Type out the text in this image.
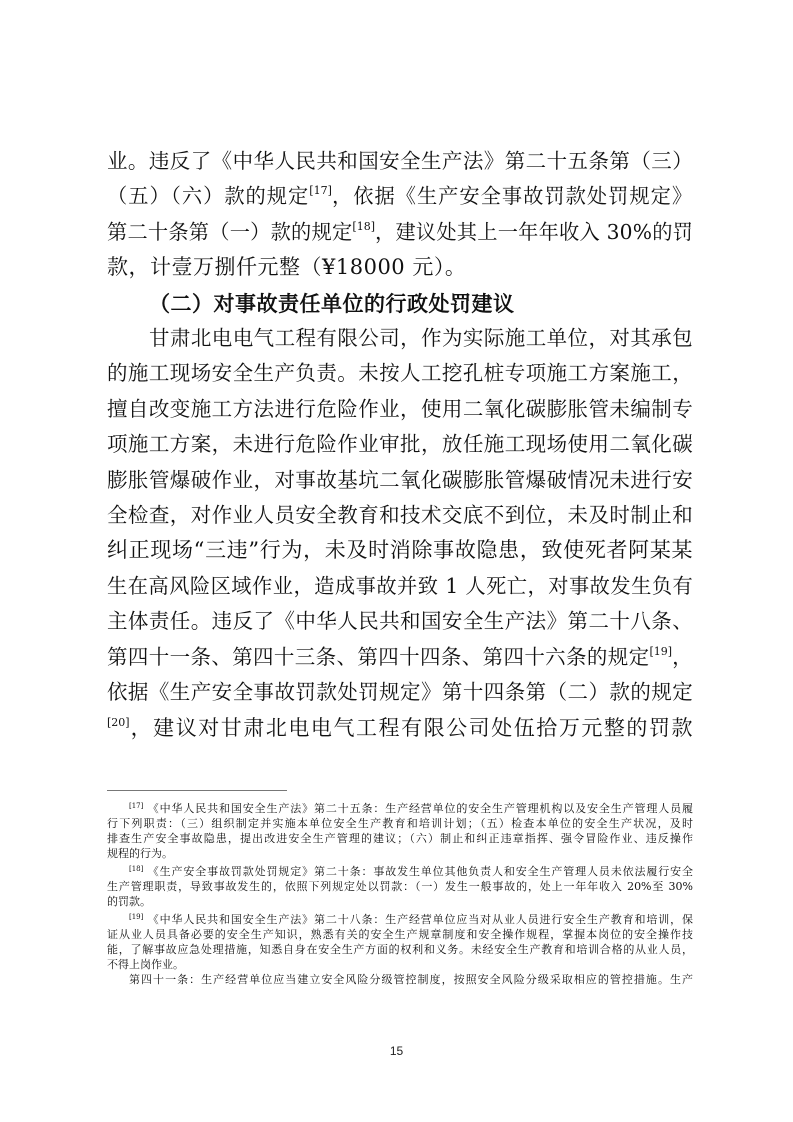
业。违反了《中华人民共和国安全生产法》第二十五条第（三）
（五）（六）款的规定[17]，依据《生产安全事故罚款处罚规定》
第二十条第（一）款的规定[18]，建议处其上一年年收入 30%的罚
款，计壹万捌仟元整（¥18000 元）。
（二）对事故责任单位的行政处罚建议
甘肃北电电气工程有限公司，作为实际施工单位，对其承包
的施工现场安全生产负责。未按人工挖孔桩专项施工方案施工，
擅自改变施工方法进行危险作业，使用二氧化碳膨胀管未编制专
项施工方案，未进行危险作业审批，放任施工现场使用二氧化碳
膨胀管爆破作业，对事故基坑二氧化碳膨胀管爆破情况未进行安
全检查，对作业人员安全教育和技术交底不到位，未及时制止和
纠正现场“三违”行为，未及时消除事故隐患，致使死者阿某某
生在高风险区域作业，造成事故并致 1 人死亡，对事故发生负有
主体责任。违反了《中华人民共和国安全生产法》第二十八条、
第四十一条、第四十三条、第四十四条、第四十六条的规定[19]，
依据《生产安全事故罚款处罚规定》第十四条第（二）款的规定
[20]，建议对甘肃北电电气工程有限公司处伍拾万元整的罚款
[17] 《中华人民共和国安全生产法》第二十五条：生产经营单位的安全生产管理机构以及安全生产管理人员履
行下列职责：（三）组织制定并实施本单位安全生产教育和培训计划；（五）检查本单位的安全生产状况，及时
排查生产安全事故隐患，提出改进安全生产管理的建议；（六）制止和纠正违章指挥、强令冒险作业、违反操作
规程的行为。
[18] 《生产安全事故罚款处罚规定》第二十条：事故发生单位其他负责人和安全生产管理人员未依法履行安全
生产管理职责，导致事故发生的，依照下列规定处以罚款：（一）发生一般事故的，处上一年年收入 20%至 30%
的罚款。
[19] 《中华人民共和国安全生产法》第二十八条：生产经营单位应当对从业人员进行安全生产教育和培训，保
证从业人员具备必要的安全生产知识，熟悉有关的安全生产规章制度和安全操作规程，掌握本岗位的安全操作技
能，了解事故应急处理措施，知悉自身在安全生产方面的权利和义务。未经安全生产教育和培训合格的从业人员，
不得上岗作业。
第四十一条：生产经营单位应当建立安全风险分级管控制度，按照安全风险分级采取相应的管控措施。生产
15
